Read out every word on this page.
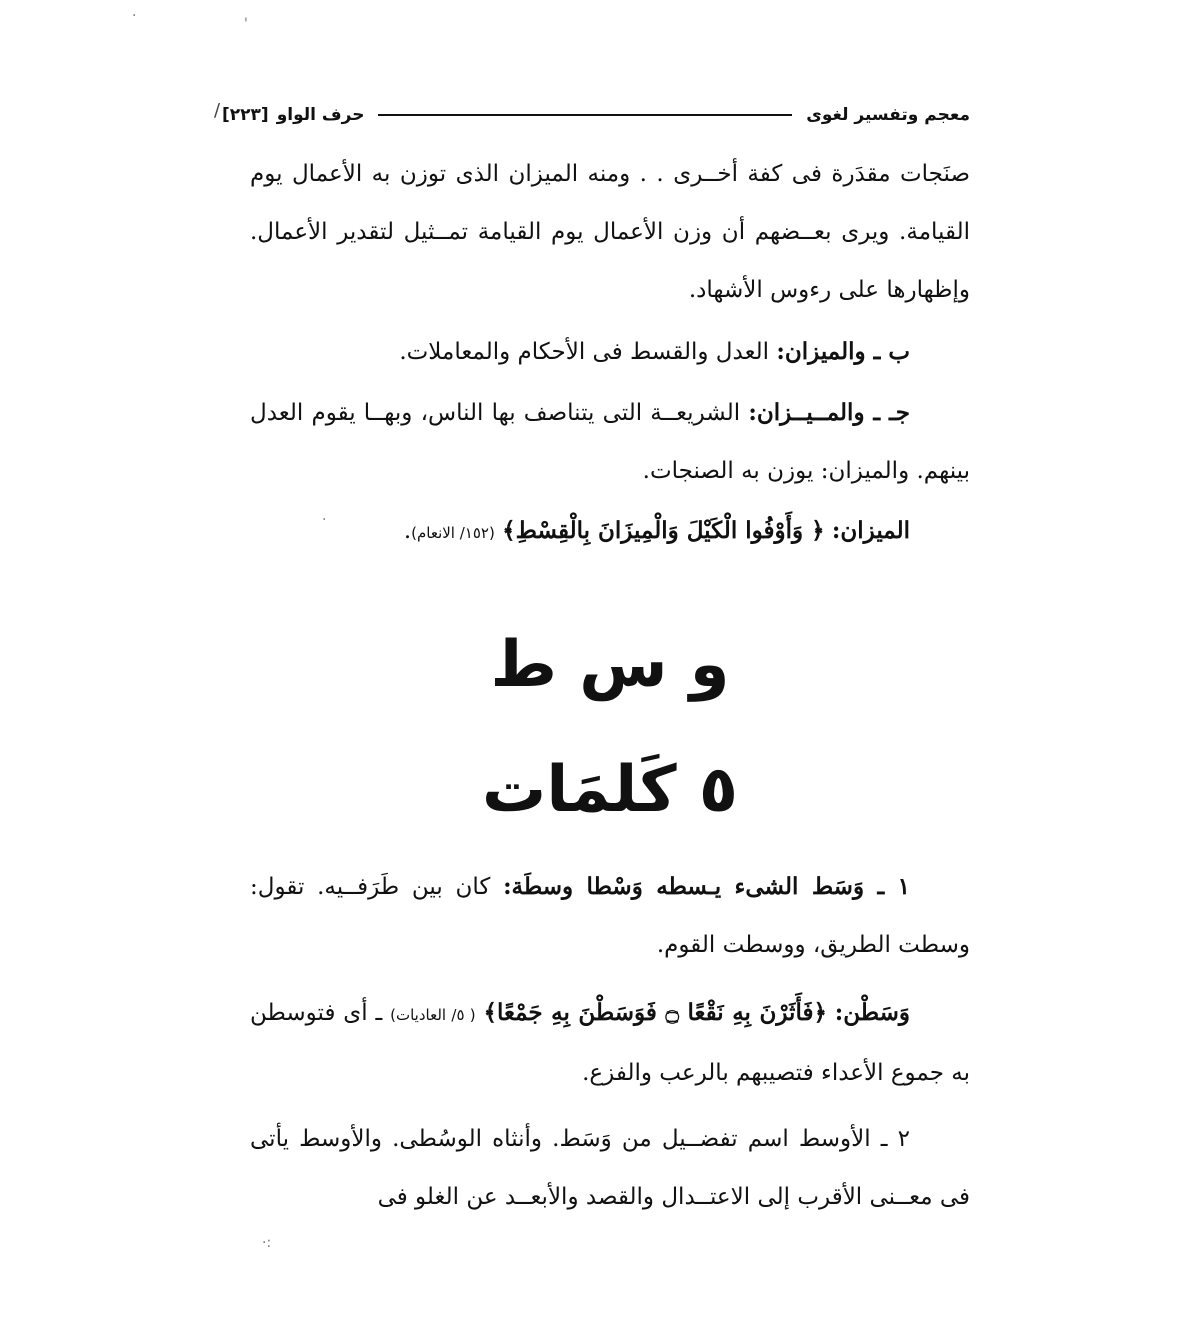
معجم وتفسير لغوى
حرف الواو
[٢٢٣]
/

صنَجات مقدَرة فى كفة أخــرى . . ومنه الميزان الذى توزن به الأعمال يوم القيامة. ويرى بعــضهم أن وزن الأعمال يوم القيامة تمــثيل لتقدير الأعمال. وإظهارها على رءوس الأشهاد.

ب ـ والميزان: العدل والقسط فى الأحكام والمعاملات.

جـ ـ والمــيــزان: الشريعــة التى يتناصف بها الناس، وبهــا يقوم العدل بينهم. والميزان: يوزن به الصنجات.

الميزان: ﴿ وَأَوْفُوا الْكَيْلَ وَالْمِيزَانَ بِالْقِسْطِ﴾ (١٥٢/ الانعام).

و س ط
٥ كَلمَات

١ ـ وَسَط الشىء يـسطه وَسْطا وسطَة: كان بين طَرَفــيه. تقول: وسطت الطريق، ووسطت القوم.

وَسَطْن: ﴿فَأَثَرْنَ بِهِ نَقْعًا ۝ فَوَسَطْنَ بِهِ جَمْعًا﴾ ( ٥/ العاديات) ـ أى فتوسطن به جموع الأعداء فتصيبهم بالرعب والفزع.

٢ ـ الأوسط اسم تفضــيل من وَسَط. وأنثاه الوسُطى. والأوسط يأتى فى معــنى الأقرب إلى الاعتــدال والقصد والأبعــد عن الغلو فى

·	'
·
·:
